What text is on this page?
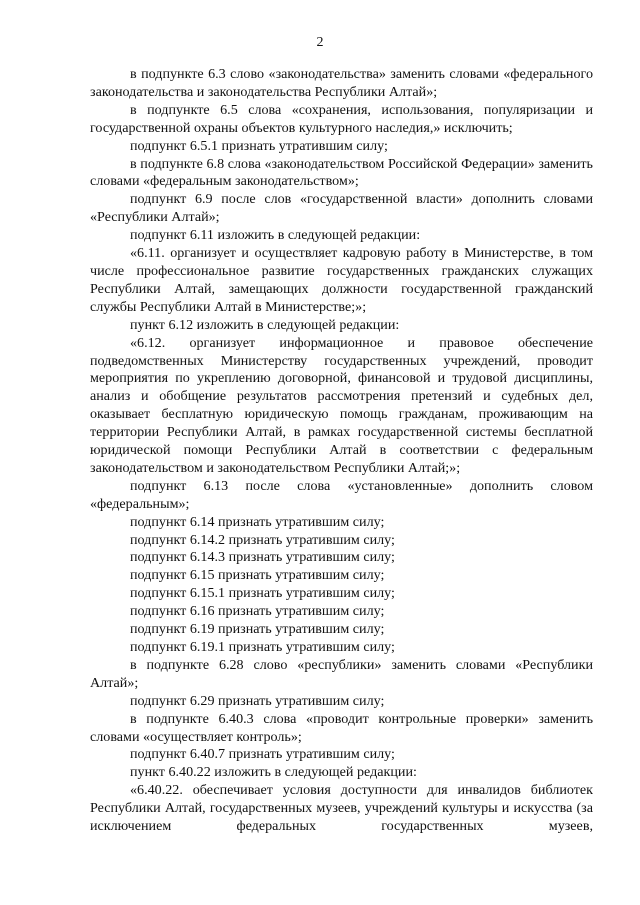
2

в подпункте 6.3 слово «законодательства» заменить словами «федерального законодательства и законодательства Республики Алтай»;

в подпункте 6.5 слова «сохранения, использования, популяризации и государственной охраны объектов культурного наследия,» исключить;

подпункт 6.5.1 признать утратившим силу;

в подпункте 6.8 слова «законодательством Российской Федерации» заменить словами «федеральным законодательством»;

подпункт 6.9 после слов «государственной власти» дополнить словами «Республики Алтай»;

подпункт 6.11 изложить в следующей редакции:

«6.11. организует и осуществляет кадровую работу в Министерстве, в том числе профессиональное развитие государственных гражданских служащих Республики Алтай, замещающих должности государственной гражданский службы Республики Алтай в Министерстве;»;

пункт 6.12 изложить в следующей редакции:

«6.12. организует информационное и правовое обеспечение подведомственных Министерству государственных учреждений, проводит мероприятия по укреплению договорной, финансовой и трудовой дисциплины, анализ и обобщение результатов рассмотрения претензий и судебных дел, оказывает бесплатную юридическую помощь гражданам, проживающим на территории Республики Алтай, в рамках государственной системы бесплатной юридической помощи Республики Алтай в соответствии с федеральным законодательством и законодательством Республики Алтай;»;

подпункт 6.13 после слова «установленные» дополнить словом «федеральным»;

подпункт 6.14 признать утратившим силу;

подпункт 6.14.2 признать утратившим силу;

подпункт 6.14.3 признать утратившим силу;

подпункт 6.15 признать утратившим силу;

подпункт 6.15.1 признать утратившим силу;

подпункт 6.16 признать утратившим силу;

подпункт 6.19 признать утратившим силу;

подпункт 6.19.1 признать утратившим силу;

в подпункте 6.28 слово «республики» заменить словами «Республики Алтай»;

подпункт 6.29 признать утратившим силу;

в подпункте 6.40.3 слова «проводит контрольные проверки» заменить словами «осуществляет контроль»;

подпункт 6.40.7 признать утратившим силу;

пункт 6.40.22 изложить в следующей редакции:

«6.40.22. обеспечивает условия доступности для инвалидов библиотек Республики Алтай, государственных музеев, учреждений культуры и искусства (за исключением федеральных государственных музеев,
